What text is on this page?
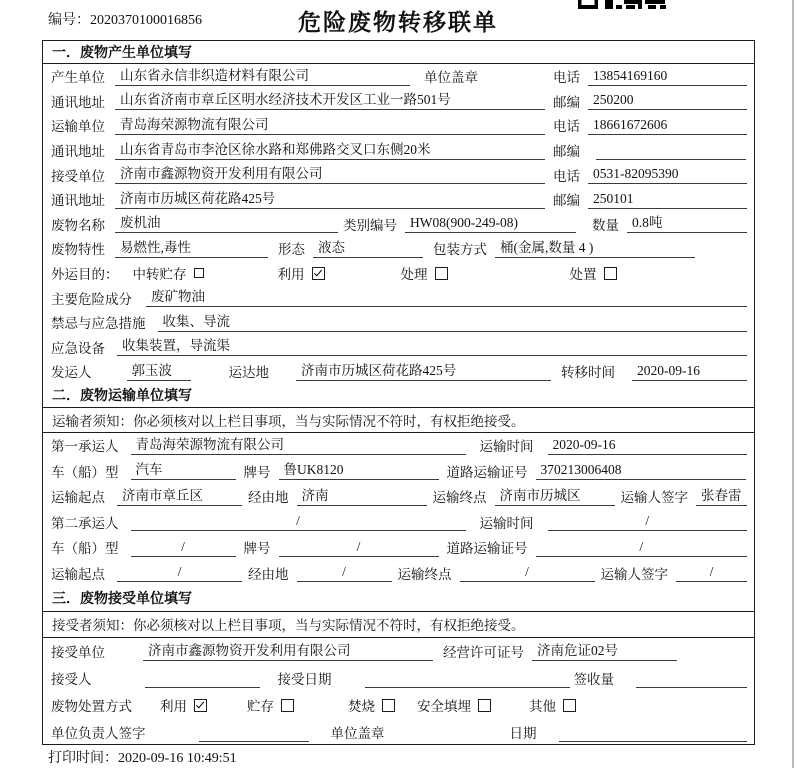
编号：2020370100016856	危险废物转移联单
一．废物产生单位填写
产生单位	山东省永信非织造材料有限公司	单位盖章	电话 13854169160
通讯地址	山东省济南市章丘区明水经济技术开发区工业一路501号	邮编 250200
运输单位	青岛海荣源物流有限公司	电话 18661672606
通讯地址	山东省青岛市李沧区徐水路和郑佛路交叉口东侧20米	邮编
接受单位	济南市鑫源物资开发利用有限公司	电话 0531-82095390
通讯地址	济南市历城区荷花路425号	邮编 250101
废物名称	废机油	类别编号 HW08(900-249-08)	数量 0.8吨
废物特性	易燃性,毒性	形态 液态	包装方式 桶(金属,数量 4 )
外运目的： 中转贮存	利用	处理	处置
主要危险成分	废矿物油
禁忌与应急措施	收集、导流
应急设备	收集装置，导流渠
发运人	郭玉波	运达地	济南市历城区荷花路425号	转移时间	2020-09-16
二．废物运输单位填写
运输者须知：你必须核对以上栏目事项，当与实际情况不符时，有权拒绝接受。
第一承运人	青岛海荣源物流有限公司	运输时间	2020-09-16
车（船）型	汽车	牌号 鲁UK8120	道路运输证号 370213006408
运输起点	济南市章丘区	经由地 济南	运输终点 济南市历城区	运输人签字 张春雷
第二承运人	/	运输时间	/
车（船）型	/	牌号	/	道路运输证号	/
运输起点	/	经由地	/	运输终点	/	运输人签字	/
三．废物接受单位填写
接受者须知：你必须核对以上栏目事项，当与实际情况不符时，有权拒绝接受。
接受单位	济南市鑫源物资开发利用有限公司	经营许可证号 济南危证02号
接受人	接受日期	签收量
废物处置方式 利用	贮存	焚烧	安全填埋	其他
单位负责人签字	单位盖章	日期
打印时间：2020-09-16 10:49:51
